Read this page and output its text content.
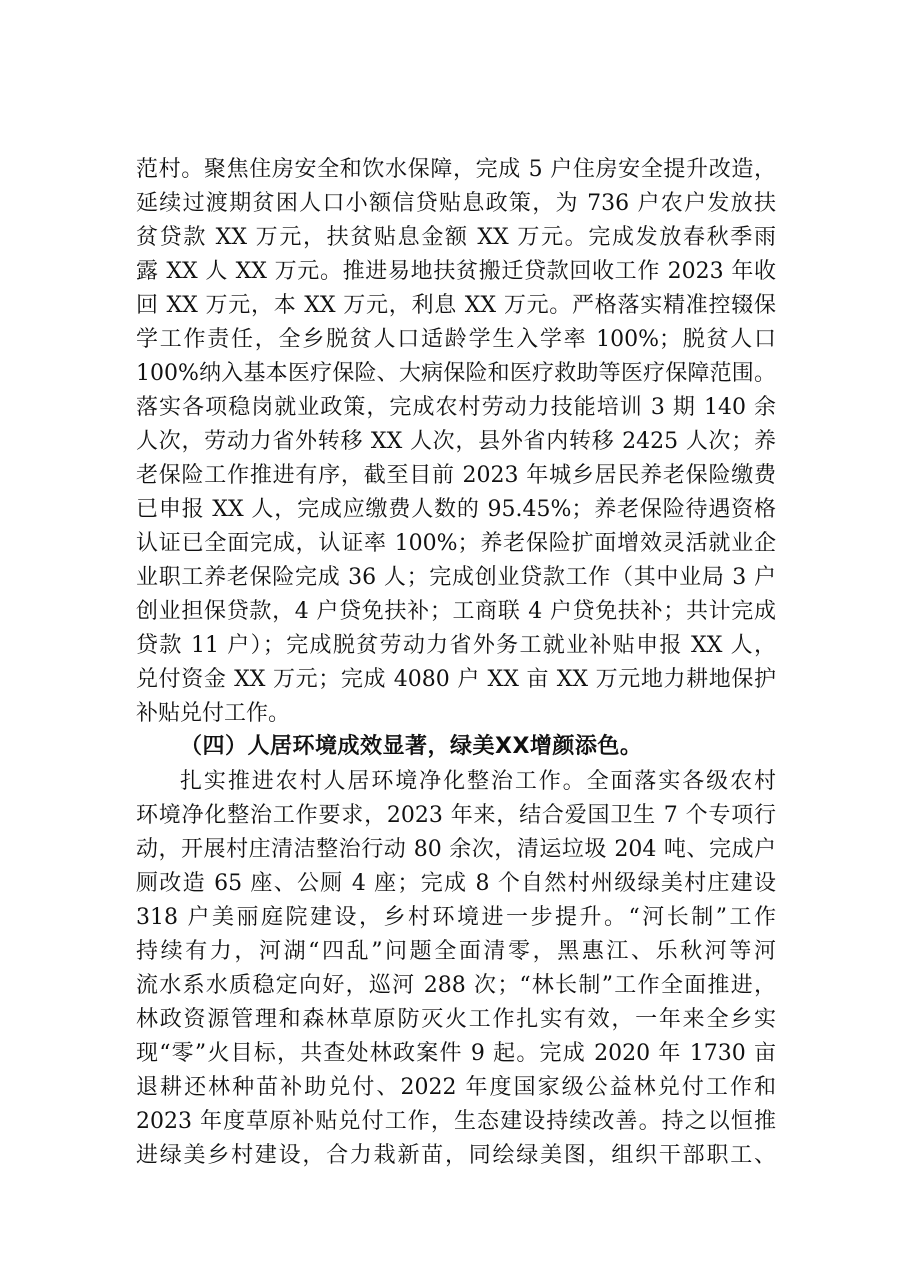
范村。聚焦住房安全和饮水保障，完成 5 户住房安全提升改造，
延续过渡期贫困人口小额信贷贴息政策，为 736 户农户发放扶
贫贷款 XX 万元，扶贫贴息金额 XX 万元。完成发放春秋季雨
露 XX 人 XX 万元。推进易地扶贫搬迁贷款回收工作 2023 年收
回 XX 万元，本 XX 万元，利息 XX 万元。严格落实精准控辍保
学工作责任，全乡脱贫人口适龄学生入学率 100%；脱贫人口
100%纳入基本医疗保险、大病保险和医疗救助等医疗保障范围。
落实各项稳岗就业政策，完成农村劳动力技能培训 3 期 140 余
人次，劳动力省外转移 XX 人次，县外省内转移 2425 人次；养
老保险工作推进有序，截至目前 2023 年城乡居民养老保险缴费
已申报 XX 人，完成应缴费人数的 95.45%；养老保险待遇资格
认证已全面完成，认证率 100%；养老保险扩面增效灵活就业企
业职工养老保险完成 36 人；完成创业贷款工作（其中业局 3 户
创业担保贷款，4 户贷免扶补；工商联 4 户贷免扶补；共计完成
贷款 11 户）；完成脱贫劳动力省外务工就业补贴申报 XX 人，
兑付资金 XX 万元；完成 4080 户 XX 亩 XX 万元地力耕地保护
补贴兑付工作。
（四）人居环境成效显著，绿美XX增颜添色。
扎实推进农村人居环境净化整治工作。全面落实各级农村
环境净化整治工作要求，2023 年来，结合爱国卫生 7 个专项行
动，开展村庄清洁整治行动 80 余次，清运垃圾 204 吨、完成户
厕改造 65 座、公厕 4 座；完成 8 个自然村州级绿美村庄建设
318 户美丽庭院建设，乡村环境进一步提升。“河长制”工作
持续有力，河湖“四乱”问题全面清零，黑惠江、乐秋河等河
流水系水质稳定向好，巡河 288 次；“林长制”工作全面推进，
林政资源管理和森林草原防灭火工作扎实有效，一年来全乡实
现“零”火目标，共查处林政案件 9 起。完成 2020 年 1730 亩
退耕还林种苗补助兑付、2022 年度国家级公益林兑付工作和
2023 年度草原补贴兑付工作，生态建设持续改善。持之以恒推
进绿美乡村建设，合力栽新苗，同绘绿美图，组织干部职工、
